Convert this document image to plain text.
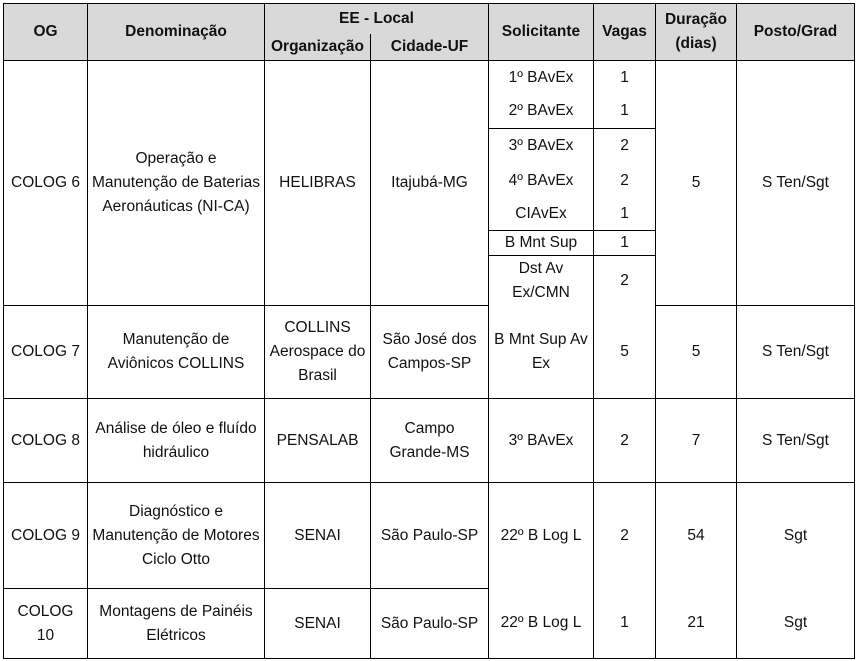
OG	Denominação	EE - Local		Solicitante	Vagas	Duração (dias)	Posto/Grad
		Organização	Cidade-UF				
COLOG 6	Operação e Manutenção de Baterias Aeronáuticas (NI-CA)	HELIBRAS	Itajubá-MG	1º BAvEx	1	5	S Ten/Sgt
				2º BAvEx	1		
				3º BAvEx	2		
				4º BAvEx	2		
				CIAvEx	1		
				B Mnt Sup	1		
				Dst Av Ex/CMN	2		
COLOG 7	Manutenção de Aviônicos COLLINS	COLLINS Aerospace do Brasil	São José dos Campos-SP	B Mnt Sup Av Ex	5	5	S Ten/Sgt
COLOG 8	Análise de óleo e fluído hidráulico	PENSALAB	Campo Grande-MS	3º BAvEx	2	7	S Ten/Sgt
COLOG 9	Diagnóstico e Manutenção de Motores Ciclo Otto	SENAI	São Paulo-SP	22º B Log L	2	54	Sgt
COLOG 10	Montagens de Painéis Elétricos	SENAI	São Paulo-SP	22º B Log L	1	21	Sgt
